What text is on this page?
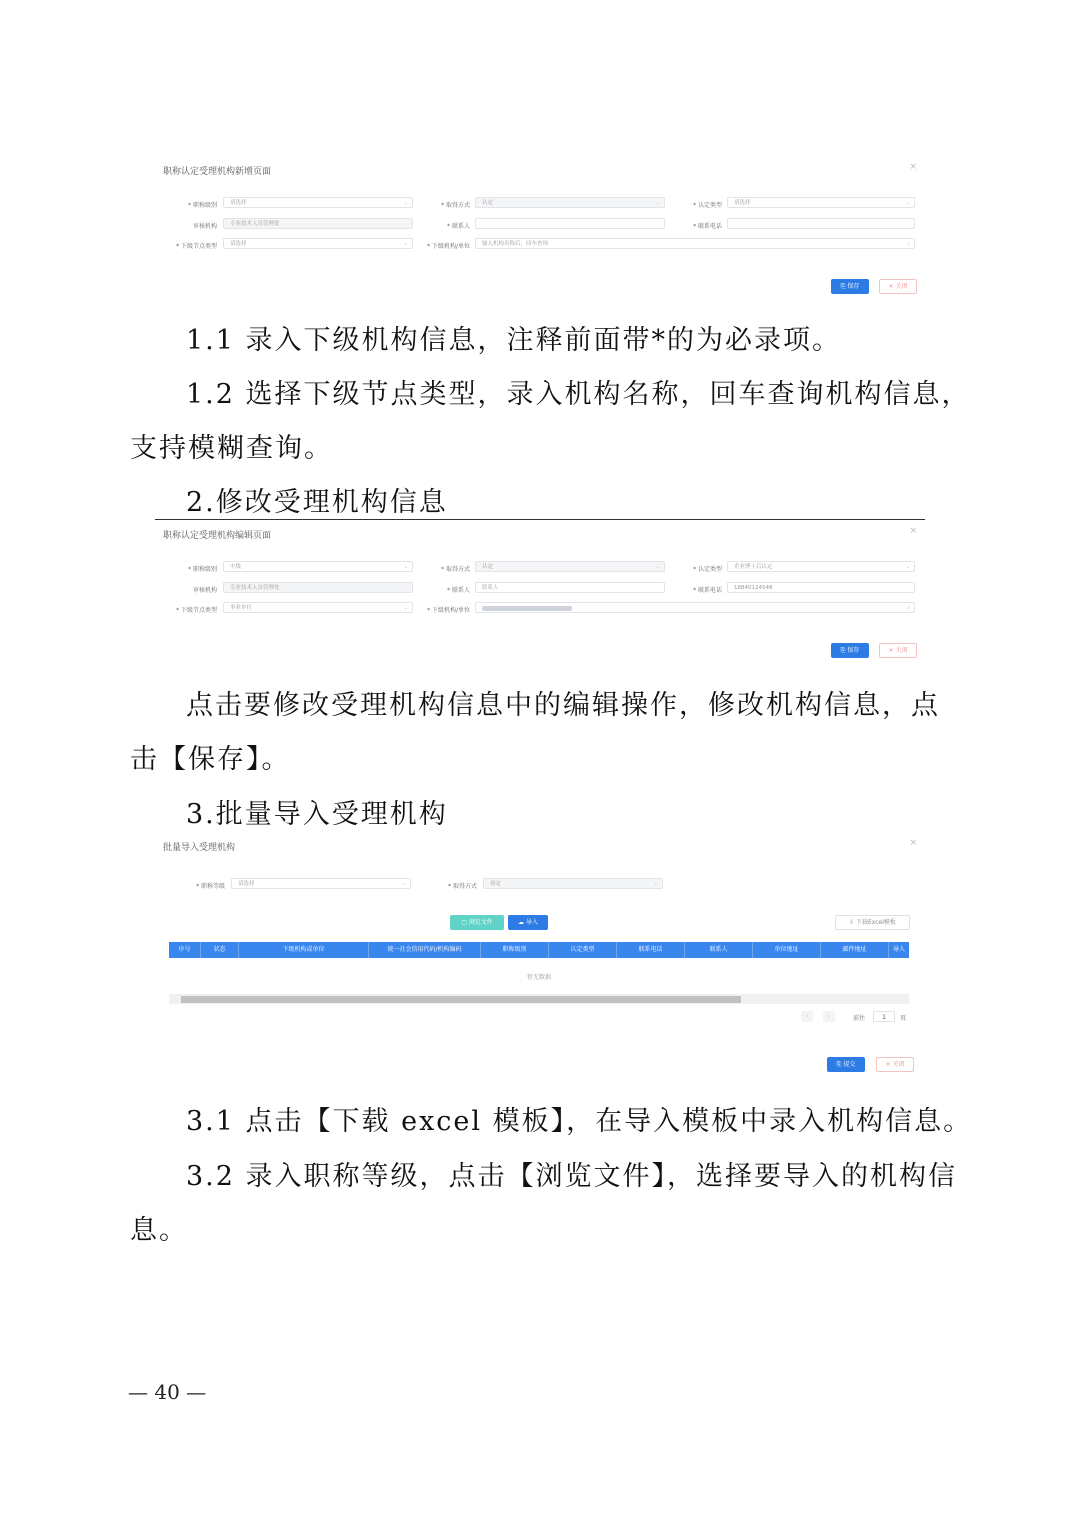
职称认定受理机构新增页面	×
* 职称级别	请选择	⌄	* 取得方式	认定	⌄	* 认定类型	请选择	⌄
审核机构	专业技术人员管理处	* 联系人	* 联系电话
* 下级节点类型	请选择	⌄	* 下级机构/单位	输入机构名称后，回车查询	⌕
⎘ 保存	× 关闭
1.1 录入下级机构信息，注释前面带*的为必录项。
1.2 选择下级节点类型，录入机构名称，回车查询机构信息，
支持模糊查询。
2.修改受理机构信息
职称认定受理机构编辑页面	×
* 职称级别	中级	⌄	* 取得方式	认定	⌄	* 认定类型	企业博士后认定	⌄
审核机构	专业技术人员管理处	* 联系人	联系人	* 联系电话	18840124548
* 下级节点类型	事业单位	⌄	* 下级机构/单位	⌕
⎘ 保存	× 关闭
点击要修改受理机构信息中的编辑操作，修改机构信息，点
击【保存】。
3.批量导入受理机构
批量导入受理机构	×
* 职称等级	请选择	⌄	* 取得方式	初定	⌄
▢ 浏览文件	☁ 导入	⇩ 下载Excel模板
序号	状态	下级机构或单位	统一社会信用代码/机构编码	职称级别	认定类型	联系电话	联系人	单位地址	邮件地址	导入
暂无数据
‹	›	前往	1	页
⎘ 提交	× 关闭
3.1 点击【下载 excel 模板】，在导入模板中录入机构信息。
3.2 录入职称等级，点击【浏览文件】，选择要导入的机构信
息。
— 40 —
